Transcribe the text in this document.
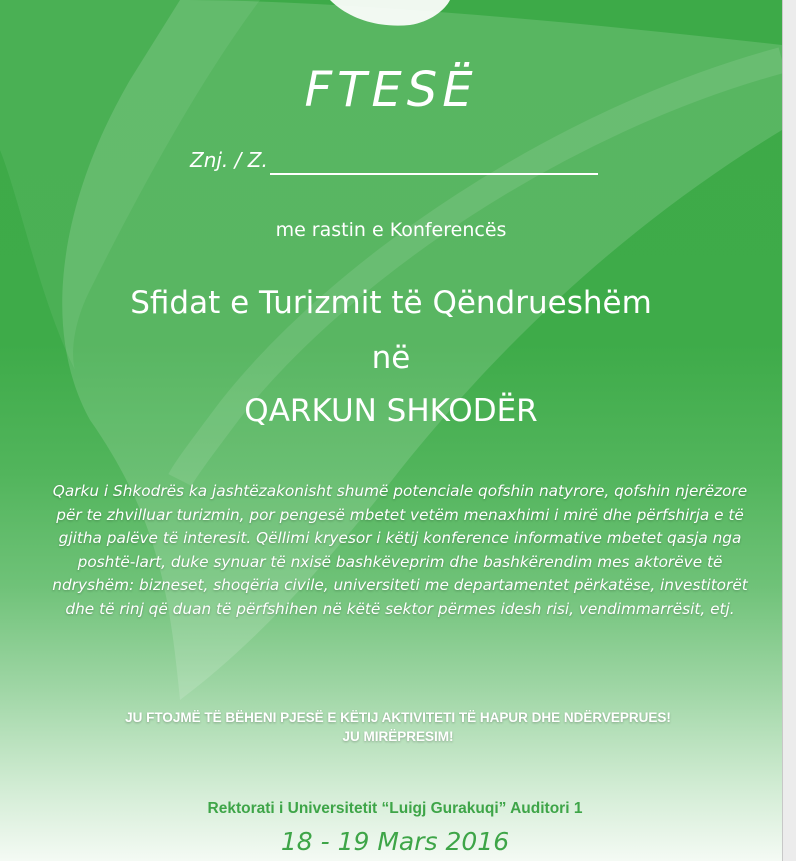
FTESË
Znj. / Z.
me rastin e Konferencës
Sfidat e Turizmit të Qëndrueshëm
në
QARKUN SHKODËR
Qarku i Shkodrës ka jashtëzakonisht shumë potenciale qofshin natyrore, qofshin njerëzore për te zhvilluar turizmin, por pengesë mbetet vetëm menaxhimi i mirë dhe përfshirja e të gjitha palëve të interesit. Qëllimi kryesor i këtij konference informative mbetet qasja nga poshtë-lart, duke synuar të nxisë bashkëveprim dhe bashkërendim mes aktorëve të ndryshëm: bizneset, shoqëria civile, universiteti me departamentet përkatëse, investitorët dhe të rinj që duan të përfshihen në këtë sektor përmes idesh risi, vendimmarrësit, etj.
JU FTOJMË TË BËHENI PJESË E KËTIJ AKTIVITETI TË HAPUR DHE NDËRVEPRUES!
JU MIRËPRESIM!
Rektorati i Universitetit “Luigj Gurakuqi” Auditori 1
18 - 19 Mars 2016
